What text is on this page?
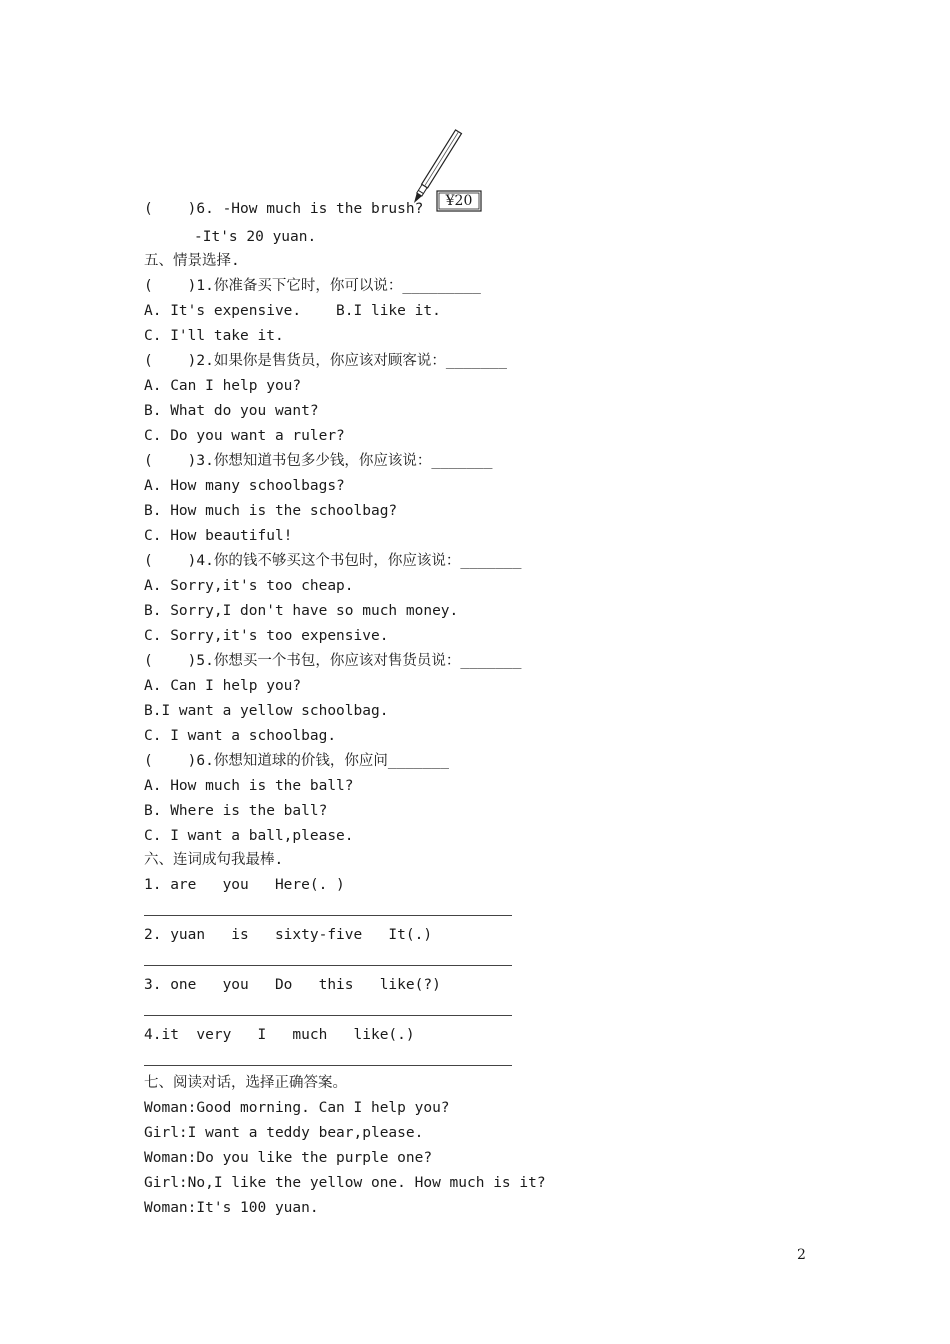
¥20
(    )6. -How much is the brush?
-It's 20 yuan.
五、情景选择.
(    )1.你准备买下它时，你可以说：_________
A. It's expensive.    B.I like it.
C. I'll take it.
(    )2.如果你是售货员，你应该对顾客说：_______
A. Can I help you?
B. What do you want?
C. Do you want a ruler?
(    )3.你想知道书包多少钱，你应该说：_______
A. How many schoolbags?
B. How much is the schoolbag?
C. How beautiful!
(    )4.你的钱不够买这个书包时，你应该说：_______
A. Sorry,it's too cheap.
B. Sorry,I don't have so much money.
C. Sorry,it's too expensive.
(    )5.你想买一个书包，你应该对售货员说：_______
A. Can I help you?
B.I want a yellow schoolbag.
C. I want a schoolbag.
(    )6.你想知道球的价钱，你应问_______
A. How much is the ball?
B. Where is the ball?
C. I want a ball,please.
六、连词成句我最棒.
1. are   you   Here(. )
2. yuan   is   sixty-five   It(.)
3. one   you   Do   this   like(?)
4.it  very   I   much   like(.)
七、阅读对话，选择正确答案。
Woman:Good morning. Can I help you?
Girl:I want a teddy bear,please.
Woman:Do you like the purple one?
Girl:No,I like the yellow one. How much is it?
Woman:It's 100 yuan.
2
